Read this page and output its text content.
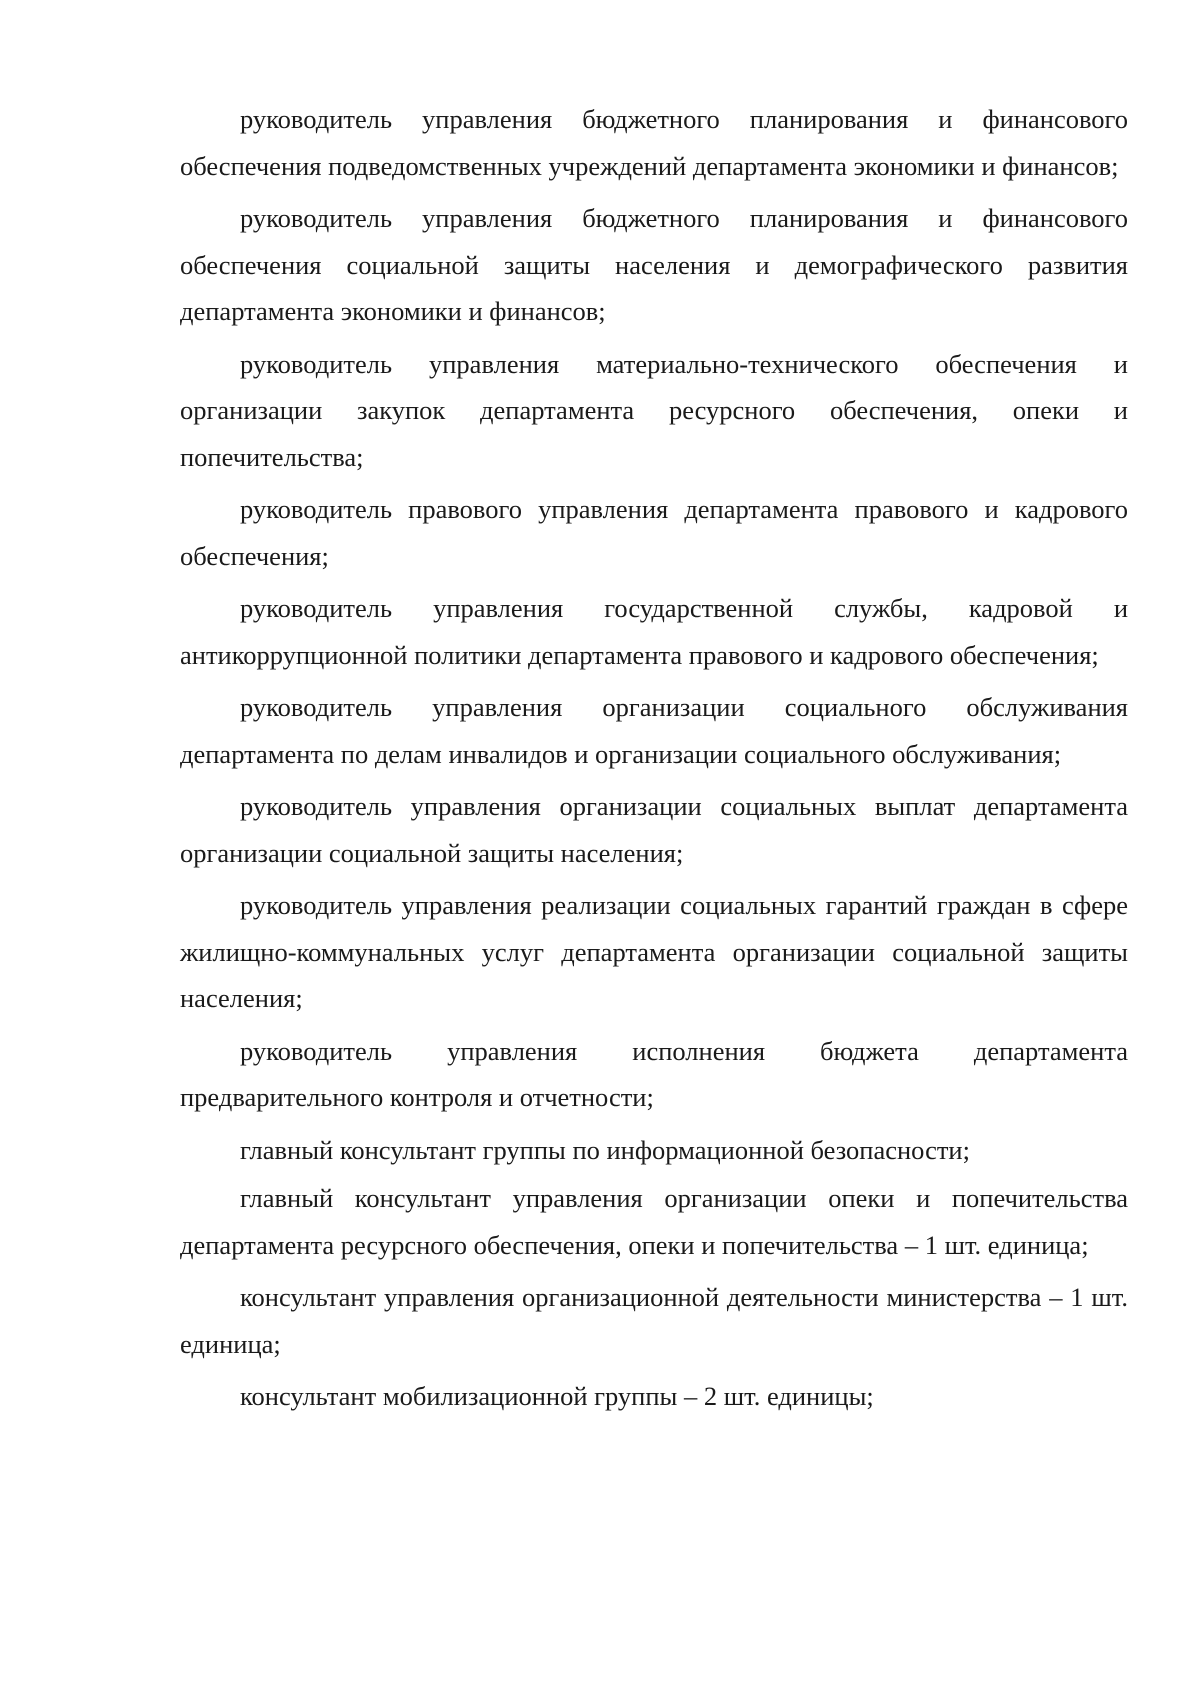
руководитель управления бюджетного планирования и финансового обеспечения подведомственных учреждений департамента экономики и финансов;

руководитель управления бюджетного планирования и финансового обеспечения социальной защиты населения и демографического развития департамента экономики и финансов;

руководитель управления материально-технического обеспечения и организации закупок департамента ресурсного обеспечения, опеки и попечительства;

руководитель правового управления департамента правового и кадрового обеспечения;

руководитель управления государственной службы, кадровой и антикоррупционной политики департамента правового и кадрового обеспечения;

руководитель управления организации социального обслуживания департамента по делам инвалидов и организации социального обслуживания;

руководитель управления организации социальных выплат департамента организации социальной защиты населения;

руководитель управления реализации социальных гарантий граждан в сфере жилищно-коммунальных услуг департамента организации социальной защиты населения;

руководитель управления исполнения бюджета департамента предварительного контроля и отчетности;

главный консультант группы по информационной безопасности;

главный консультант управления организации опеки и попечительства департамента ресурсного обеспечения, опеки и попечительства – 1 шт. единица;

консультант управления организационной деятельности министерства – 1 шт. единица;

консультант мобилизационной группы – 2 шт. единицы;
